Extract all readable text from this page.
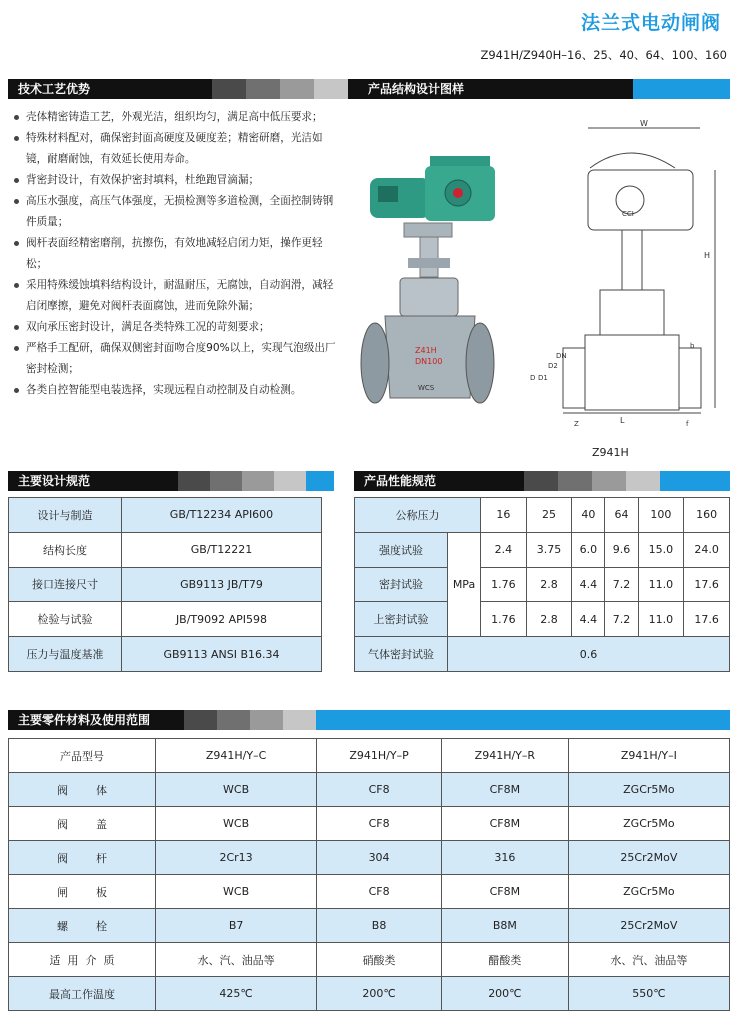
法兰式电动闸阀
Z941H/Z940H–16、25、40、64、100、160
技术工艺优势	产品结构设计图样
壳体精密铸造工艺，外观光洁，组织均匀，满足高中低压要求；
特殊材料配对，确保密封面高硬度及硬度差；精密研磨，光洁如镜，耐磨耐蚀，有效延长使用寿命。
背密封设计，有效保护密封填料，杜绝跑冒滴漏；
高压水强度，高压气体强度，无损检测等多道检测，全面控制铸钢件质量；
阀杆表面经精密磨削，抗擦伤，有效地减轻启闭力矩，操作更轻松；
采用特殊缓蚀填料结构设计，耐温耐压，无腐蚀，自动润滑，减轻启闭摩擦，避免对阀杆表面腐蚀，进而免除外漏；
双向承压密封设计，满足各类特殊工况的苛刻要求；
严格手工配研，确保双侧密封面吻合度90%以上，实现气泡级出厂密封检测；
各类自控智能型电装选择，实现远程自动控制及自动检测。
Z41H
DN100
WCS
W
H
CCI
L
D D1
D2
DN
Z
b
f
Z941H
主要设计规范	产品性能规范
设计与制造	GB/T12234 API600
结构长度	GB/T12221
接口连接尺寸	GB9113 JB/T79
检验与试验	JB/T9092 API598
压力与温度基准	GB9113 ANSI B16.34
公称压力		16	25	40	64	100	160
强度试验	MPa	2.4	3.75	6.0	9.6	15.0	24.0
密封试验		1.76	2.8	4.4	7.2	11.0	17.6
上密封试验		1.76	2.8	4.4	7.2	11.0	17.6
气体密封试验	0.6						
主要零件材料及使用范围
产品型号	Z941H/Y–C	Z941H/Y–P	Z941H/Y–R	Z941H/Y–I
阀        体	WCB	CF8	CF8M	ZGCr5Mo
阀        盖	WCB	CF8	CF8M	ZGCr5Mo
阀        杆	2Cr13	304	316	25Cr2MoV
闸        板	WCB	CF8	CF8M	ZGCr5Mo
螺        栓	B7	B8	B8M	25Cr2MoV
适  用  介  质	水、汽、油品等	硝酸类	醋酸类	水、汽、油品等
最高工作温度	425℃	200℃	200℃	550℃
